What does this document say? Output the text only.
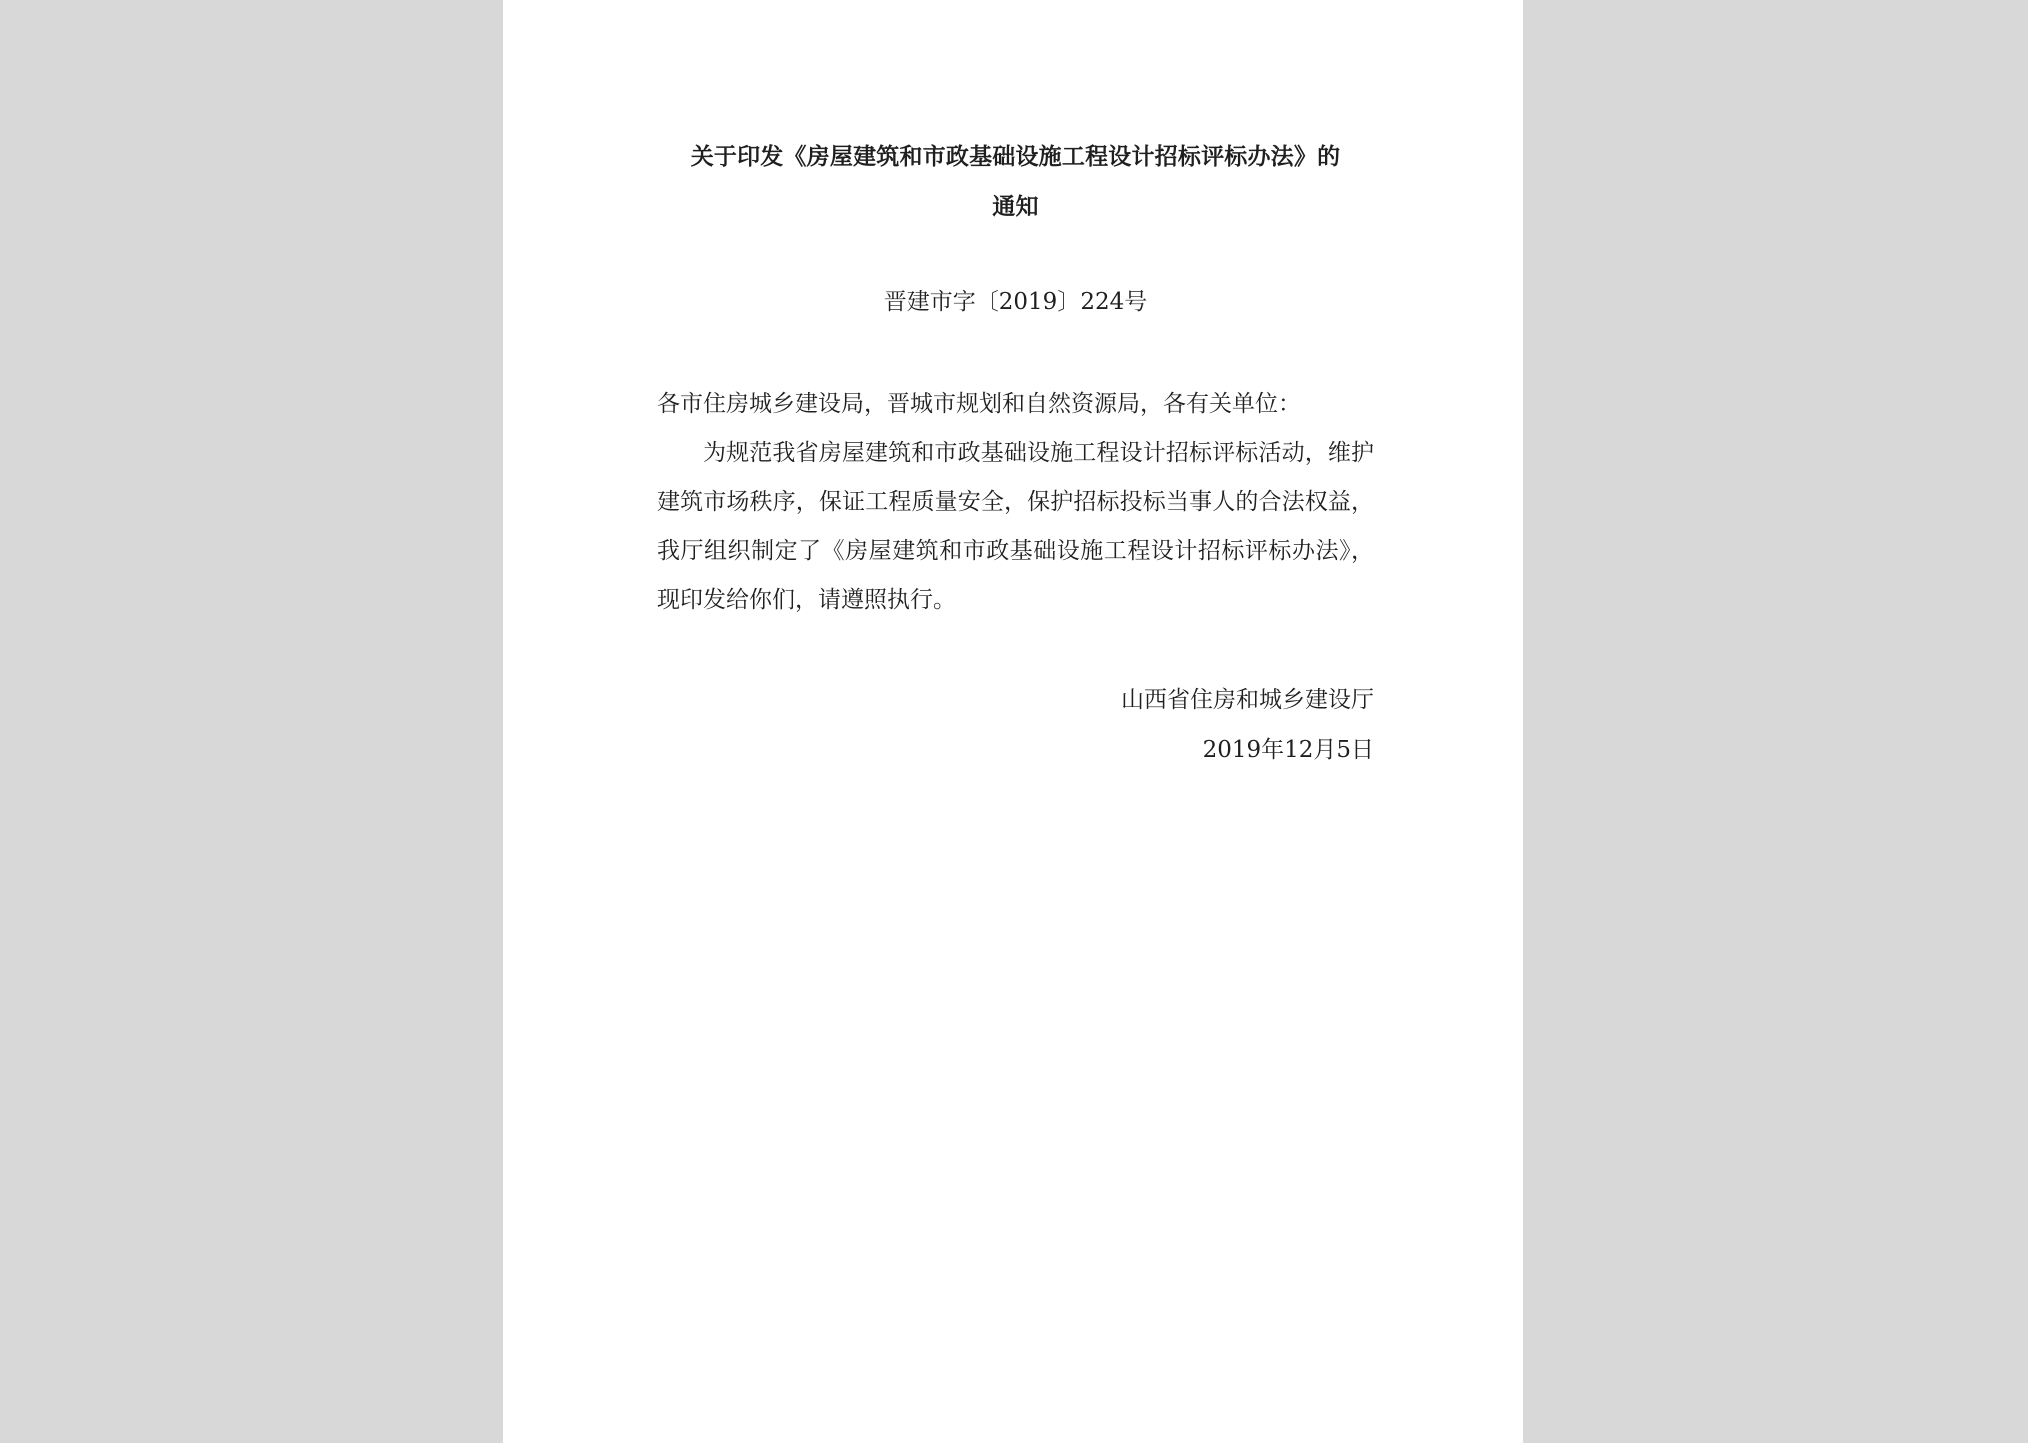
关于印发《房屋建筑和市政基础设施工程设计招标评标办法》的
通知
晋建市字〔2019〕224号

各市住房城乡建设局，晋城市规划和自然资源局，各有关单位：

为规范我省房屋建筑和市政基础设施工程设计招标评标活动，维护建筑市场秩序，保证工程质量安全，保护招标投标当事人的合法权益，我厅组织制定了《房屋建筑和市政基础设施工程设计招标评标办法》，现印发给你们，请遵照执行。

山西省住房和城乡建设厅
2019年12月5日
